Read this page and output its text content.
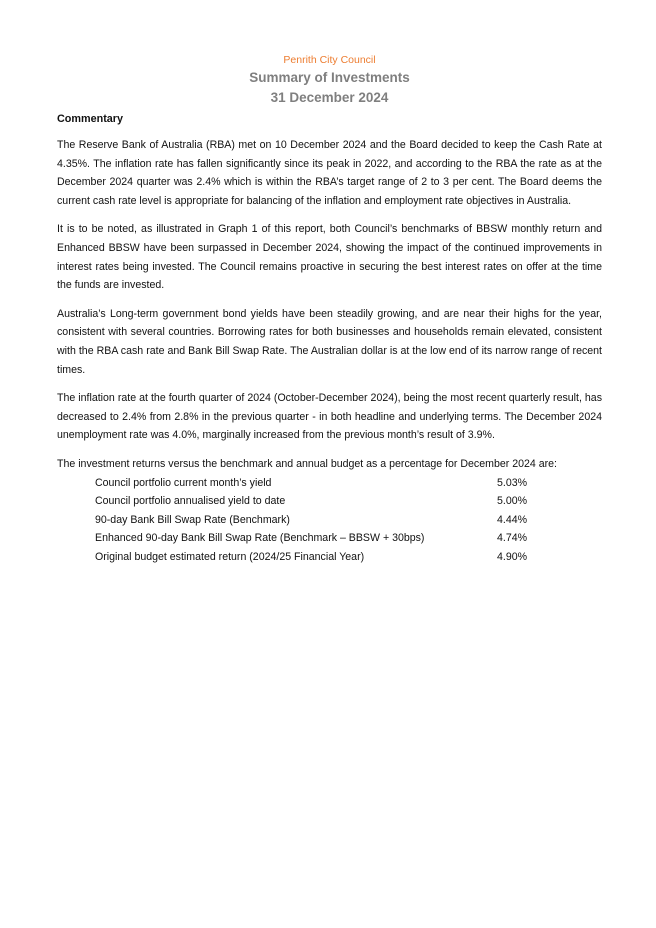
Penrith City Council
Summary of Investments
31 December 2024
Commentary

The Reserve Bank of Australia (RBA) met on 10 December 2024 and the Board decided to keep the Cash Rate at 4.35%. The inflation rate has fallen significantly since its peak in 2022, and according to the RBA the rate as at the December 2024 quarter was 2.4% which is within the RBA’s target range of 2 to 3 per cent. The Board deems the current cash rate level is appropriate for balancing of the inflation and employment rate objectives in Australia.

It is to be noted, as illustrated in Graph 1 of this report, both Council’s benchmarks of BBSW monthly return and Enhanced BBSW have been surpassed in December 2024, showing the impact of the continued improvements in interest rates being invested. The Council remains proactive in securing the best interest rates on offer at the time the funds are invested.

Australia’s Long-term government bond yields have been steadily growing, and are near their highs for the year, consistent with several countries. Borrowing rates for both businesses and households remain elevated, consistent with the RBA cash rate and Bank Bill Swap Rate. The Australian dollar is at the low end of its narrow range of recent times.

The inflation rate at the fourth quarter of 2024 (October-December 2024), being the most recent quarterly result, has decreased to 2.4% from 2.8% in the previous quarter - in both headline and underlying terms. The December 2024 unemployment rate was 4.0%, marginally increased from the previous month’s result of 3.9%.

The investment returns versus the benchmark and annual budget as a percentage for December 2024 are:
Council portfolio current month’s yield	5.03%
Council portfolio annualised yield to date	5.00%
90-day Bank Bill Swap Rate (Benchmark)	4.44%
Enhanced 90-day Bank Bill Swap Rate (Benchmark – BBSW + 30bps)	4.74%
Original budget estimated return (2024/25 Financial Year)	4.90%
